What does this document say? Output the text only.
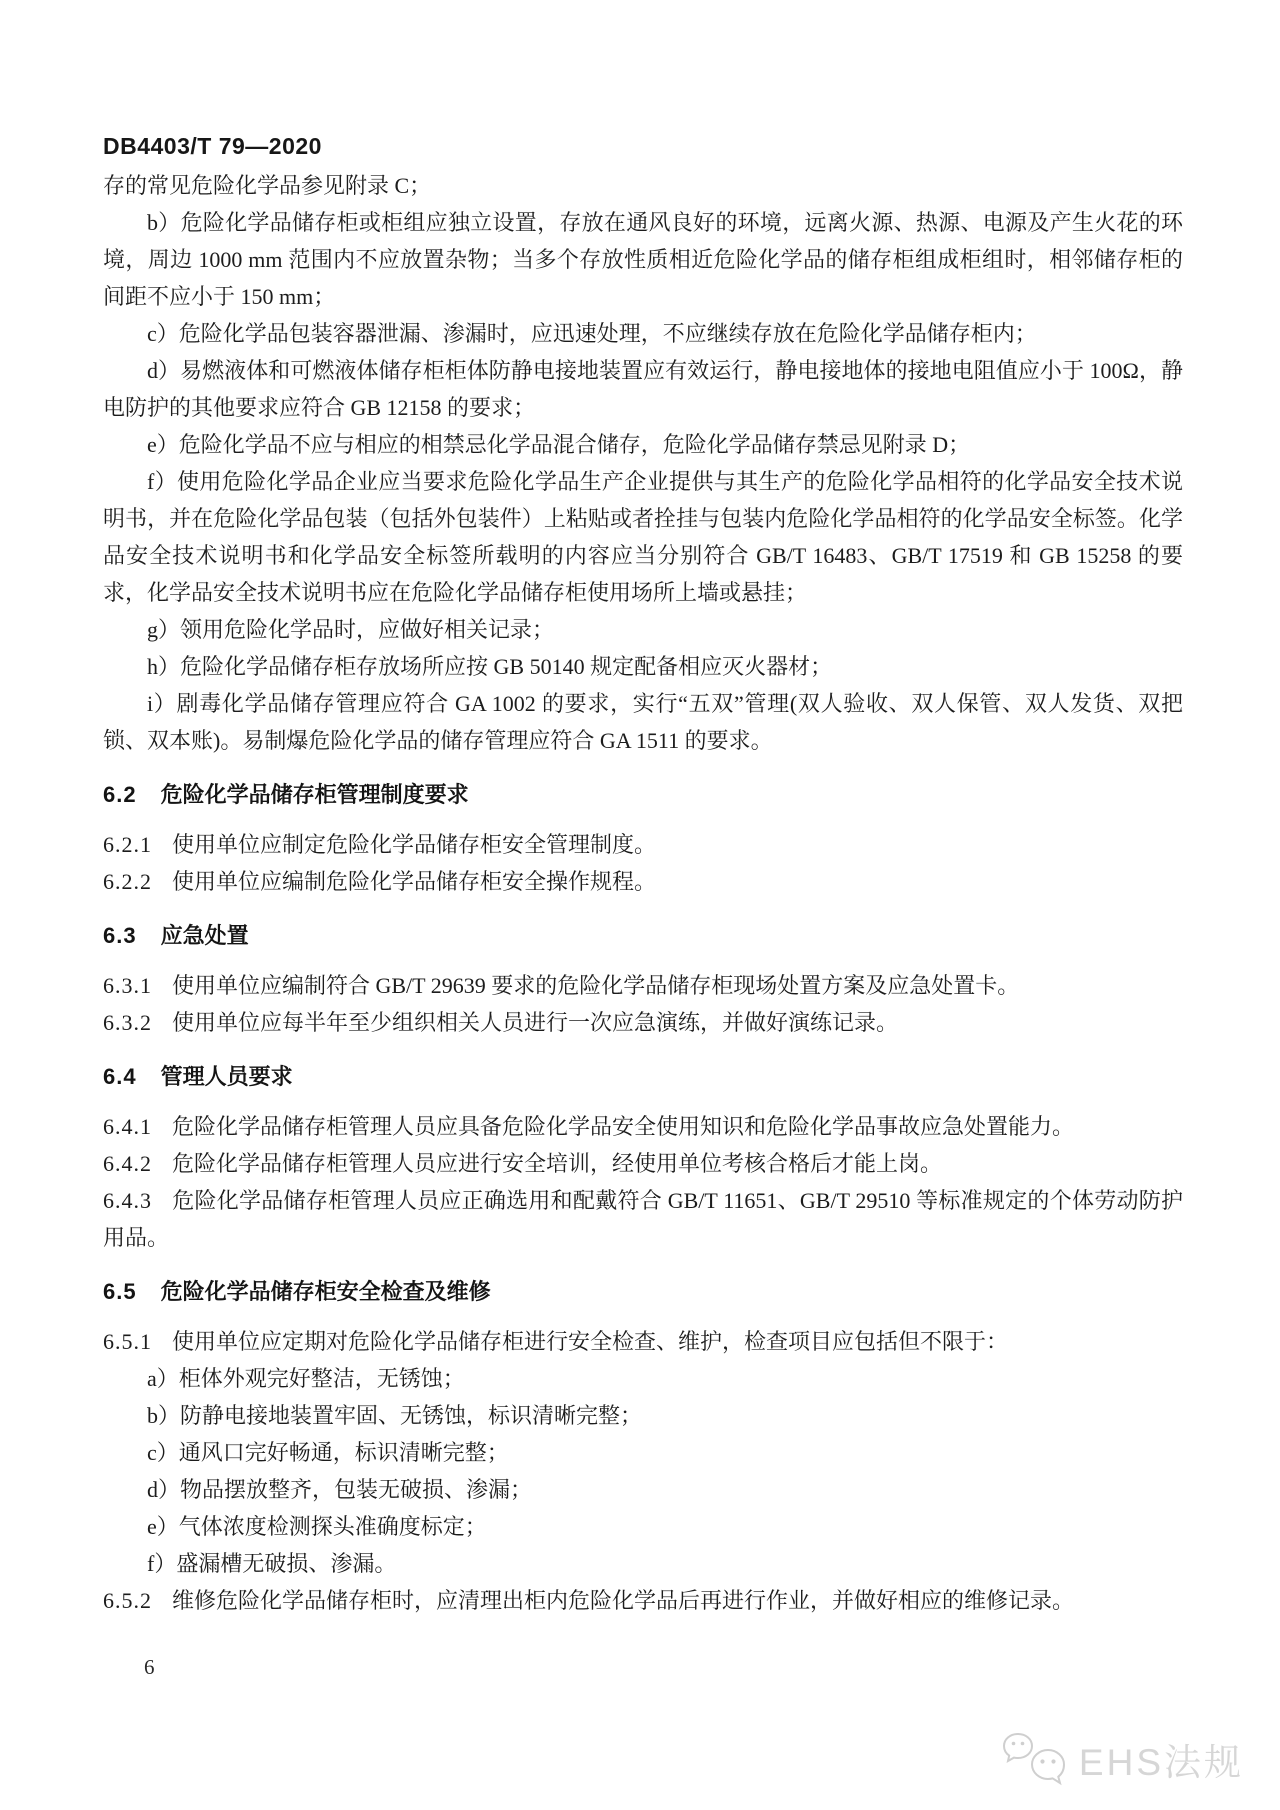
DB4403/T 79—2020

存的常见危险化学品参见附录 C；

b）危险化学品储存柜或柜组应独立设置，存放在通风良好的环境，远离火源、热源、电源及产生火花的环境，周边 1000 mm 范围内不应放置杂物；当多个存放性质相近危险化学品的储存柜组成柜组时，相邻储存柜的间距不应小于 150 mm；

c）危险化学品包装容器泄漏、渗漏时，应迅速处理，不应继续存放在危险化学品储存柜内；

d）易燃液体和可燃液体储存柜柜体防静电接地装置应有效运行，静电接地体的接地电阻值应小于 100Ω，静电防护的其他要求应符合 GB 12158 的要求；

e）危险化学品不应与相应的相禁忌化学品混合储存，危险化学品储存禁忌见附录 D；

f）使用危险化学品企业应当要求危险化学品生产企业提供与其生产的危险化学品相符的化学品安全技术说明书，并在危险化学品包装（包括外包装件）上粘贴或者拴挂与包装内危险化学品相符的化学品安全标签。化学品安全技术说明书和化学品安全标签所载明的内容应当分别符合 GB/T 16483、GB/T 17519 和 GB 15258 的要求，化学品安全技术说明书应在危险化学品储存柜使用场所上墙或悬挂；

g）领用危险化学品时，应做好相关记录；

h）危险化学品储存柜存放场所应按 GB 50140 规定配备相应灭火器材；

i）剧毒化学品储存管理应符合 GA 1002 的要求，实行“五双”管理(双人验收、双人保管、双人发货、双把锁、双本账)。易制爆危险化学品的储存管理应符合 GA 1511 的要求。

6.2 危险化学品储存柜管理制度要求

6.2.1 使用单位应制定危险化学品储存柜安全管理制度。

6.2.2 使用单位应编制危险化学品储存柜安全操作规程。

6.3 应急处置

6.3.1 使用单位应编制符合 GB/T 29639 要求的危险化学品储存柜现场处置方案及应急处置卡。

6.3.2 使用单位应每半年至少组织相关人员进行一次应急演练，并做好演练记录。

6.4 管理人员要求

6.4.1 危险化学品储存柜管理人员应具备危险化学品安全使用知识和危险化学品事故应急处置能力。

6.4.2 危险化学品储存柜管理人员应进行安全培训，经使用单位考核合格后才能上岗。

6.4.3 危险化学品储存柜管理人员应正确选用和配戴符合 GB/T 11651、GB/T 29510 等标准规定的个体劳动防护用品。

6.5 危险化学品储存柜安全检查及维修

6.5.1 使用单位应定期对危险化学品储存柜进行安全检查、维护，检查项目应包括但不限于：

a）柜体外观完好整洁，无锈蚀；

b）防静电接地装置牢固、无锈蚀，标识清晰完整；

c）通风口完好畅通，标识清晰完整；

d）物品摆放整齐，包装无破损、渗漏；

e）气体浓度检测探头准确度标定；

f）盛漏槽无破损、渗漏。

6.5.2 维修危险化学品储存柜时，应清理出柜内危险化学品后再进行作业，并做好相应的维修记录。

6
EHS法规
